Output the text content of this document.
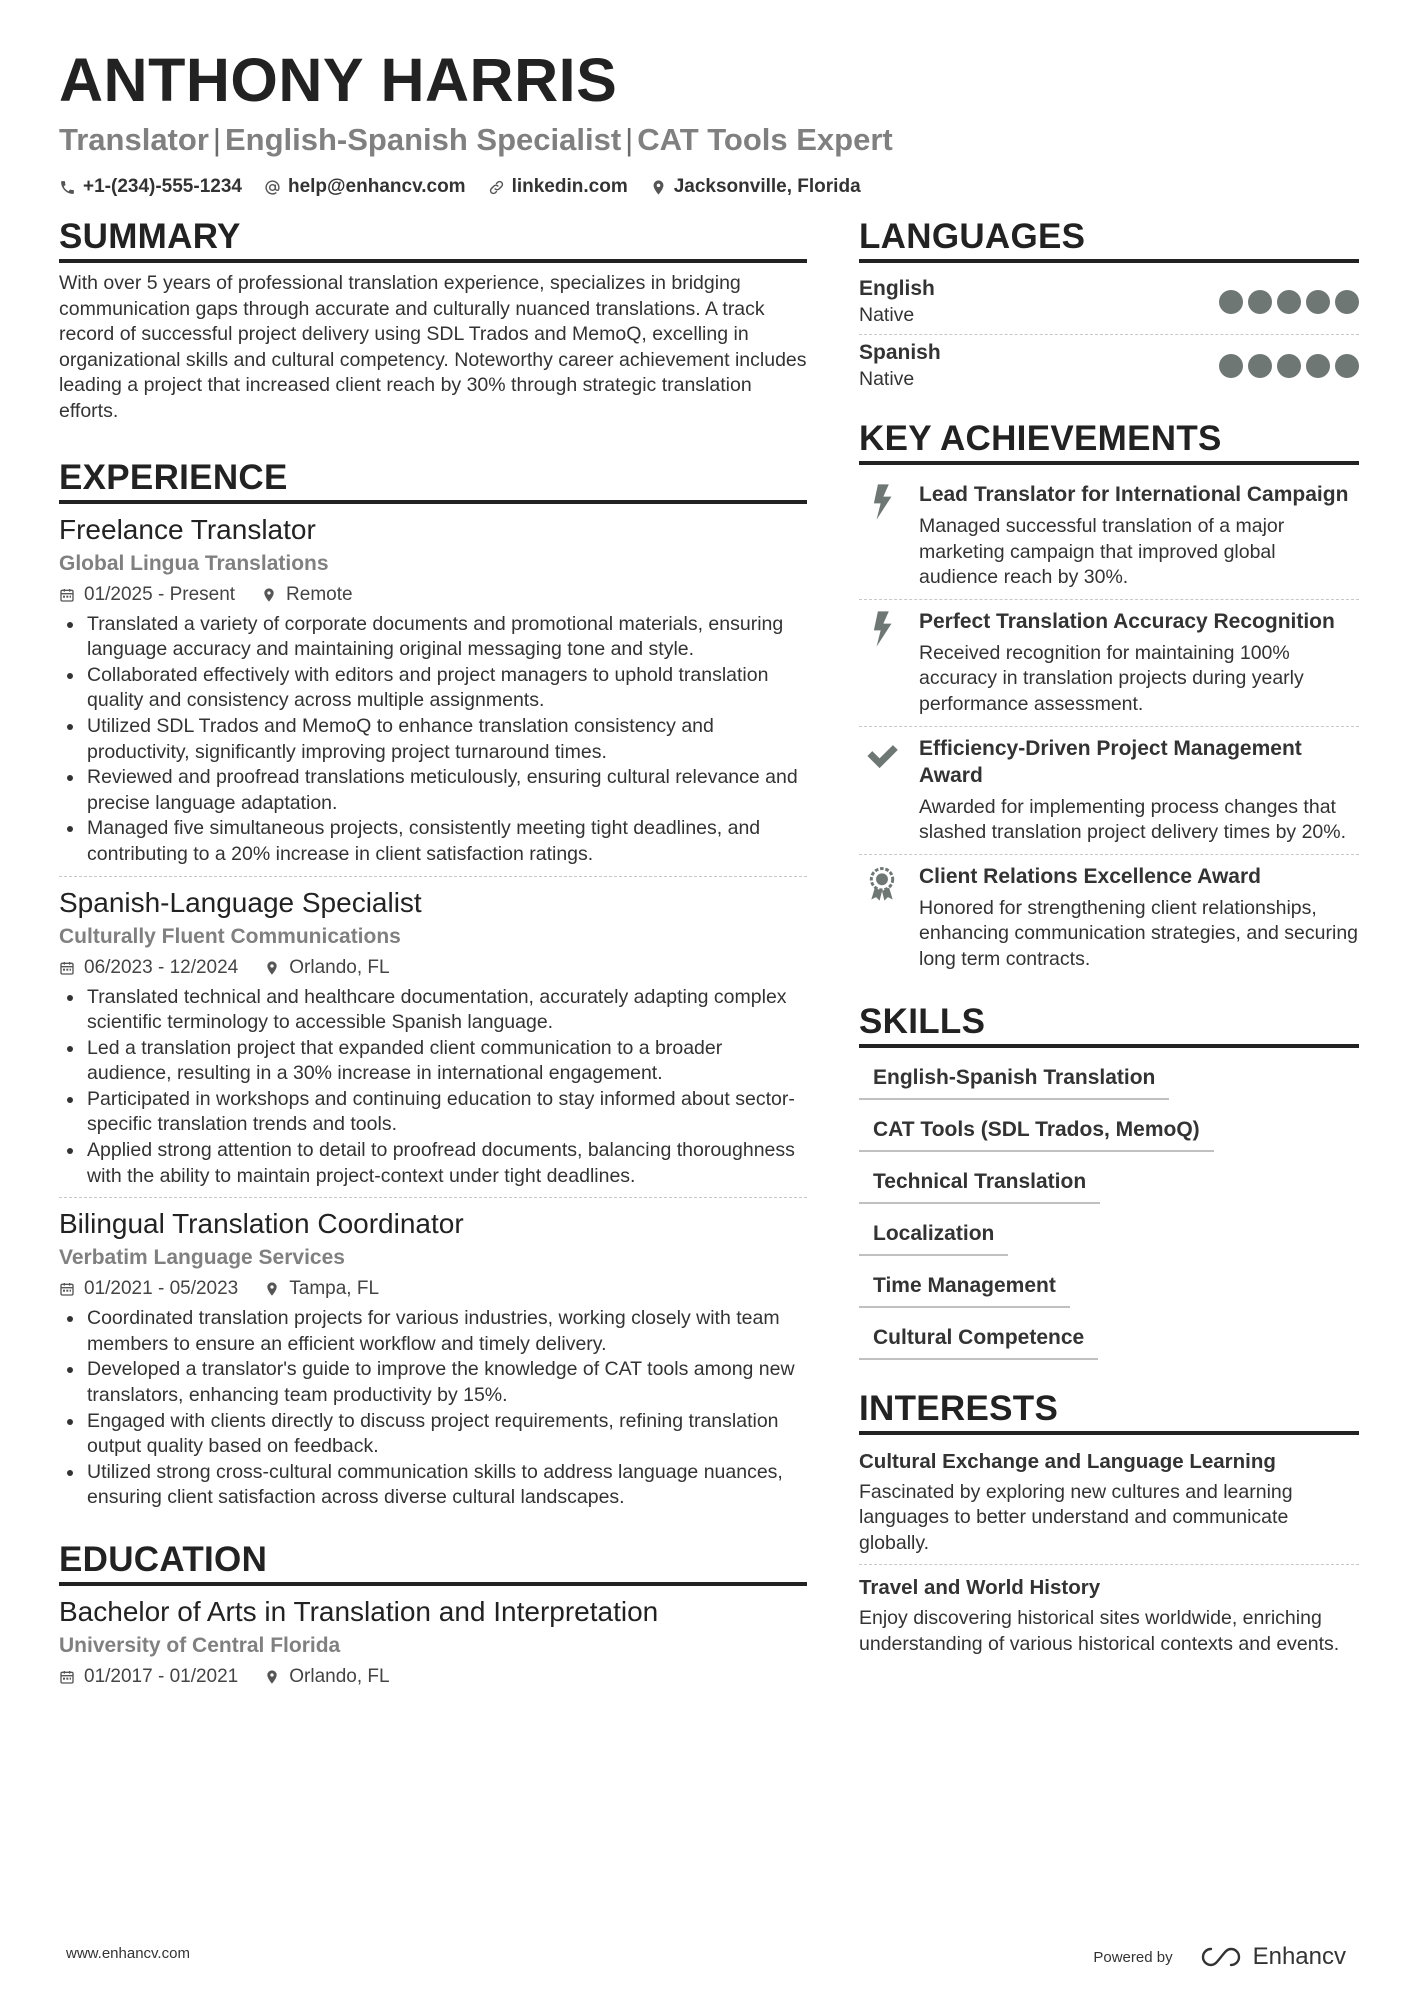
ANTHONY HARRIS
Translator | English-Spanish Specialist | CAT Tools Expert
+1-(234)-555-1234 help@enhancv.com linkedin.com Jacksonville, Florida
SUMMARY
With over 5 years of professional translation experience, specializes in bridging communication gaps through accurate and culturally nuanced translations. A track record of successful project delivery using SDL Trados and MemoQ, excelling in organizational skills and cultural competency. Noteworthy career achievement includes leading a project that increased client reach by 30% through strategic translation efforts.
EXPERIENCE
Freelance Translator
Global Lingua Translations
01/2025 - Present	Remote
Translated a variety of corporate documents and promotional materials, ensuring language accuracy and maintaining original messaging tone and style.
Collaborated effectively with editors and project managers to uphold translation quality and consistency across multiple assignments.
Utilized SDL Trados and MemoQ to enhance translation consistency and productivity, significantly improving project turnaround times.
Reviewed and proofread translations meticulously, ensuring cultural relevance and precise language adaptation.
Managed five simultaneous projects, consistently meeting tight deadlines, and contributing to a 20% increase in client satisfaction ratings.
Spanish-Language Specialist
Culturally Fluent Communications
06/2023 - 12/2024	Orlando, FL
Translated technical and healthcare documentation, accurately adapting complex scientific terminology to accessible Spanish language.
Led a translation project that expanded client communication to a broader audience, resulting in a 30% increase in international engagement.
Participated in workshops and continuing education to stay informed about sector-specific translation trends and tools.
Applied strong attention to detail to proofread documents, balancing thoroughness with the ability to maintain project-context under tight deadlines.
Bilingual Translation Coordinator
Verbatim Language Services
01/2021 - 05/2023	Tampa, FL
Coordinated translation projects for various industries, working closely with team members to ensure an efficient workflow and timely delivery.
Developed a translator's guide to improve the knowledge of CAT tools among new translators, enhancing team productivity by 15%.
Engaged with clients directly to discuss project requirements, refining translation output quality based on feedback.
Utilized strong cross-cultural communication skills to address language nuances, ensuring client satisfaction across diverse cultural landscapes.
EDUCATION
Bachelor of Arts in Translation and Interpretation
University of Central Florida
01/2017 - 01/2021	Orlando, FL
LANGUAGES
English
Native
Spanish
Native
KEY ACHIEVEMENTS
Lead Translator for International Campaign
Managed successful translation of a major marketing campaign that improved global audience reach by 30%.
Perfect Translation Accuracy Recognition
Received recognition for maintaining 100% accuracy in translation projects during yearly performance assessment.
Efficiency-Driven Project Management Award
Awarded for implementing process changes that slashed translation project delivery times by 20%.
Client Relations Excellence Award
Honored for strengthening client relationships, enhancing communication strategies, and securing long term contracts.
SKILLS
English-Spanish Translation
CAT Tools (SDL Trados, MemoQ)
Technical Translation
Localization
Time Management
Cultural Competence
INTERESTS
Cultural Exchange and Language Learning
Fascinated by exploring new cultures and learning languages to better understand and communicate globally.
Travel and World History
Enjoy discovering historical sites worldwide, enriching understanding of various historical contexts and events.
www.enhancv.com	Powered by	Enhancv
